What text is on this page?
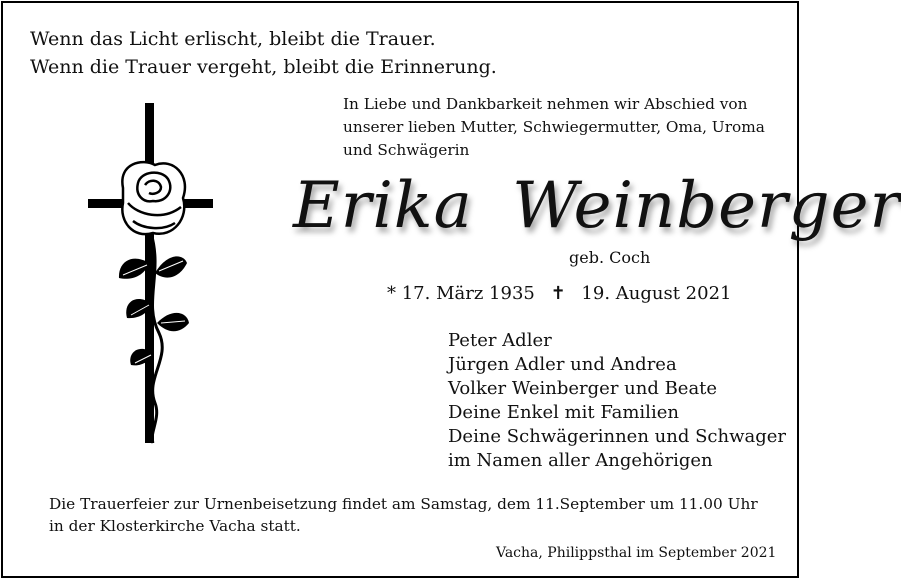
Wenn das Licht erlischt, bleibt die Trauer.
Wenn die Trauer vergeht, bleibt die Erinnerung.
In Liebe und Dankbarkeit nehmen wir Abschied von
unserer lieben Mutter, Schwiegermutter, Oma, Uroma
und Schwägerin
Erika Weinberger
geb. Coch
* 17. März 1935 ✝ 19. August 2021
Peter Adler
Jürgen Adler und Andrea
Volker Weinberger und Beate
Deine Enkel mit Familien
Deine Schwägerinnen und Schwager
im Namen aller Angehörigen
Die Trauerfeier zur Urnenbeisetzung findet am Samstag, dem 11.September um 11.00 Uhr
in der Klosterkirche Vacha statt.
Vacha, Philippsthal im September 2021
